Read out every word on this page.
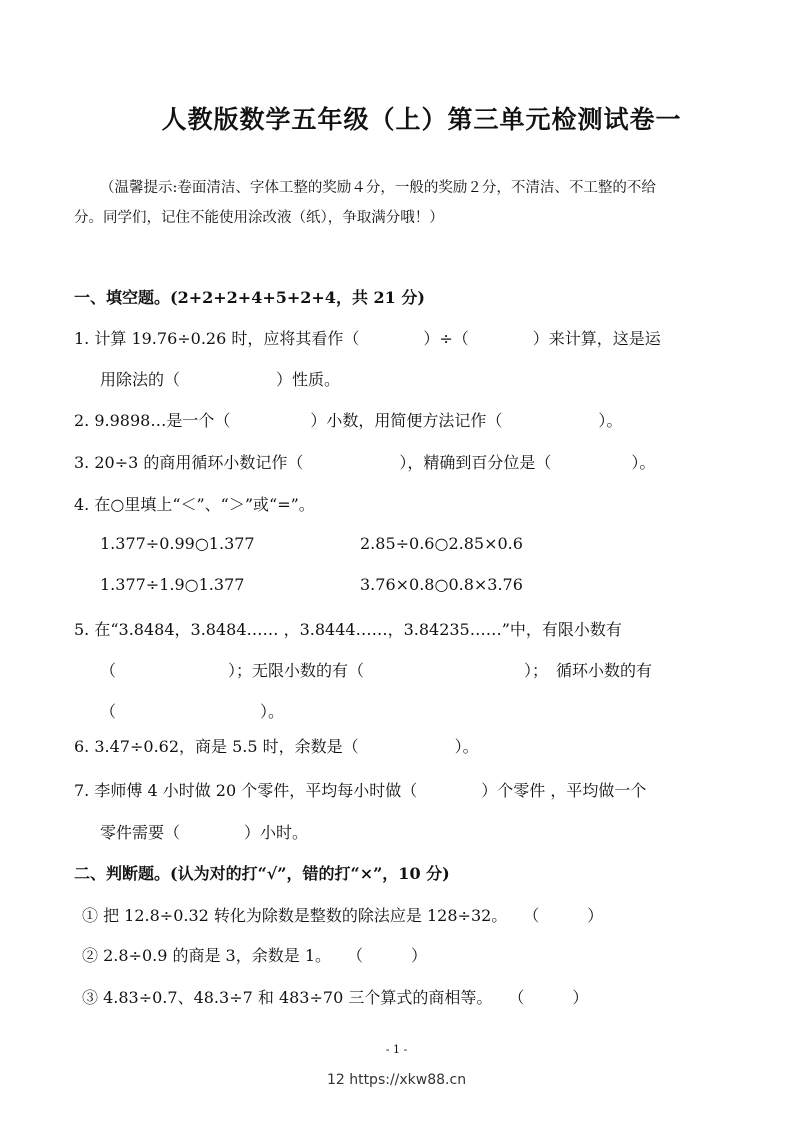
人教版数学五年级（上）第三单元检测试卷一
（温馨提示:卷面清洁、字体工整的奖励４分，一般的奖励２分，不清洁、不工整的不给
分。同学们，记住不能使用涂改液（纸），争取满分哦！）
一、填空题。(2+2+2+4+5+2+4，共 21 分)
1. 计算 19.76÷0.26 时，应将其看作（　　　　）÷（　　　　）来计算，这是运
用除法的（　　　　　　）性质。
2. 9.9898…是一个（　　　　　）小数，用简便方法记作（　　　　　　）。
3. 20÷3 的商用循环小数记作（　　　　　　），精确到百分位是（　　　　　）。
4. 在○里填上“＜”、“＞”或“=”。
1.377÷0.99○1.377	2.85÷0.6○2.85×0.6
1.377÷1.9○1.377	3.76×0.8○0.8×3.76
5. 在“3.8484，3.8484…… ，3.8444……，3.84235……”中，有限小数有
（　　　　　　　）；无限小数的有（　　　　　　　　　　）；　循环小数的有
（　　　　　　　　　）。
6. 3.47÷0.62，商是 5.5 时，余数是（　　　　　　）。
7. 李师傅 4 小时做 20 个零件，平均每小时做（　　　　）个零件 ，平均做一个
零件需要（　　　　）小时。
二、判断题。(认为对的打“√”，错的打“×”，10 分)
① 把 12.8÷0.32 转化为除数是整数的除法应是 128÷32。　　（　　　）
② 2.8÷0.9 的商是 3，余数是 1。　　（　　　）
③ 4.83÷0.7、48.3÷7 和 483÷70 三个算式的商相等。　　（　　　）
- 1 -
12 https://xkw88.cn
